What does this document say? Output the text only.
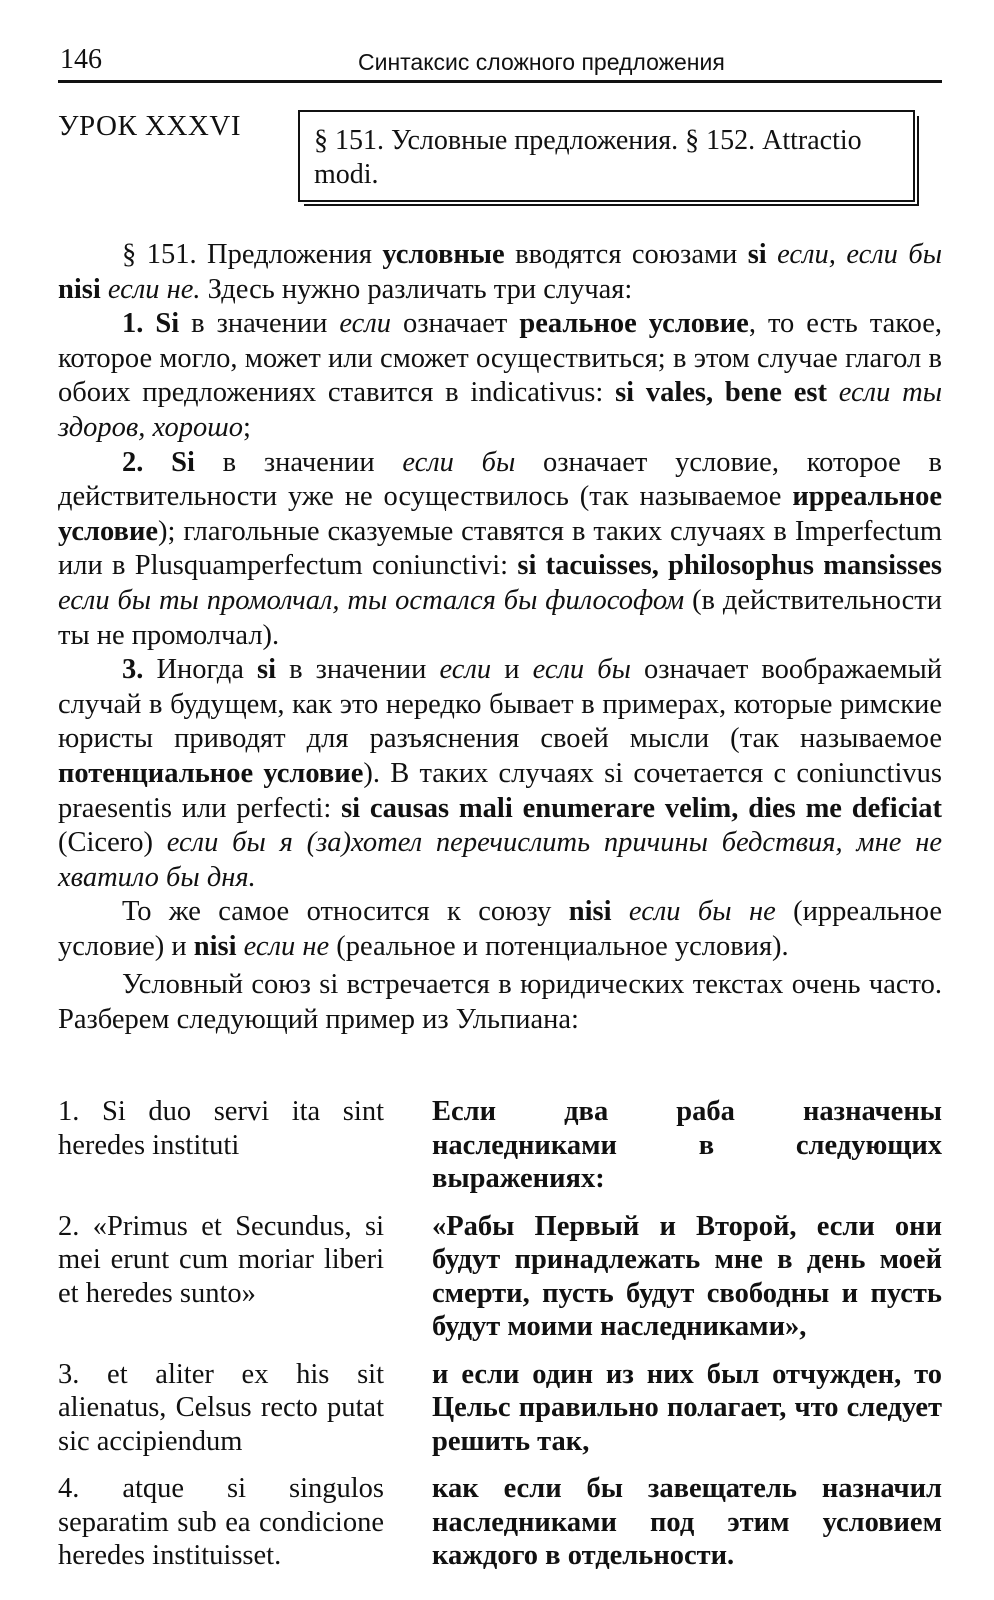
146	Синтаксис сложного предложения
УРОК XXXVI	§ 151. Условные предложения. § 152. Attractio modi.

§ 151. Предложения условные вводятся союзами si если, если бы nisi если не. Здесь нужно различать три случая:

1. Si в значении если означает реальное условие, то есть такое, которое могло, может или сможет осуществиться; в этом случае глагол в обоих предложениях ставится в indicativus: si vales, bene est если ты здоров, хорошо;

2. Si в значении если бы означает условие, которое в действительности уже не осуществилось (так называемое ирреальное условие); глагольные сказуемые ставятся в таких случаях в Imperfectum или в Plusquamperfectum coniunctivi: si tacuisses, philosophus mansisses если бы ты промолчал, ты остался бы философом (в действительности ты не промолчал).

3. Иногда si в значении если и если бы означает воображаемый случай в будущем, как это нередко бывает в примерах, которые римские юристы приводят для разъяснения своей мысли (так называемое потенциальное условие). В таких случаях si сочетается с coniunctivus praesentis или perfecti: si causas mali enumerare velim, dies me deficiat (Cicero) если бы я (за)хотел перечислить причины бедствия, мне не хватило бы дня.

То же самое относится к союзу nisi если бы не (ирреальное условие) и nisi если не (реальное и потенциальное условия).

Условный союз si встречается в юридических текстах очень часто. Разберем следующий пример из Ульпиана:

1. Si duo servi ita sint heredes instituti
Если два раба назначены наследниками в следующих выражениях:
2. «Primus et Secundus, si mei erunt cum moriar liberi et heredes sunto»
«Рабы Первый и Второй, если они будут принадлежать мне в день моей смерти, пусть будут свободны и пусть будут моими наследниками»,
3. et aliter ex his sit alienatus, Celsus recto putat sic accipiendum
и если один из них был отчужден, то Цельс правильно полагает, что следует решить так,
4. atque si singulos separatim sub ea condicione heredes instituisset.
как если бы завещатель назначил наследниками под этим условием каждого в отдельности.
